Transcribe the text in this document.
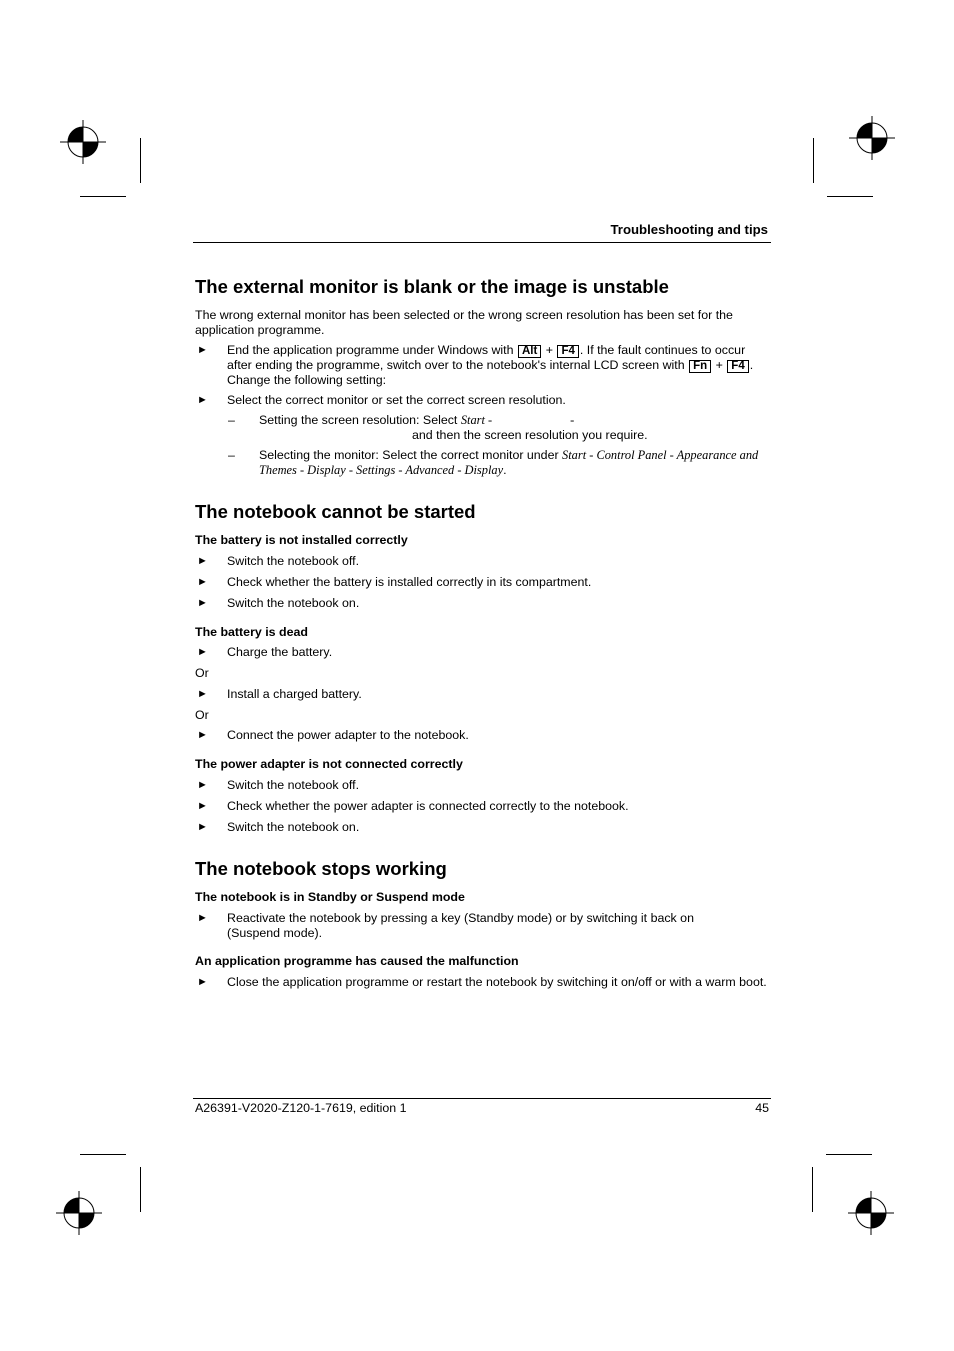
Troubleshooting and tips
The external monitor is blank or the image is unstable

The wrong external monitor has been selected or the wrong screen resolution has been set for the application programme.

► End the application programme under Windows with Alt + F4 . If the fault continues to occur after ending the programme, switch over to the notebook's internal LCD screen with Fn + F4 . Change the following setting:

► Select the correct monitor or set the correct screen resolution.

– Setting the screen resolution: Select Start -	-
and then the screen resolution you require.

– Selecting the monitor: Select the correct monitor under Start - Control Panel - Appearance and Themes - Display - Settings - Advanced - Display.

The notebook cannot be started
The battery is not installed correctly
► Switch the notebook off.

► Check whether the battery is installed correctly in its compartment.

► Switch the notebook on.

The battery is dead
► Charge the battery.

Or

► Install a charged battery.

Or

► Connect the power adapter to the notebook.

The power adapter is not connected correctly
► Switch the notebook off.

► Check whether the power adapter is connected correctly to the notebook.

► Switch the notebook on.

The notebook stops working
The notebook is in Standby or Suspend mode
► Reactivate the notebook by pressing a key (Standby mode) or by switching it back on (Suspend mode).

An application programme has caused the malfunction
► Close the application programme or restart the notebook by switching it on/off or with a warm boot.

A26391-V2020-Z120-1-7619, edition 1	45
